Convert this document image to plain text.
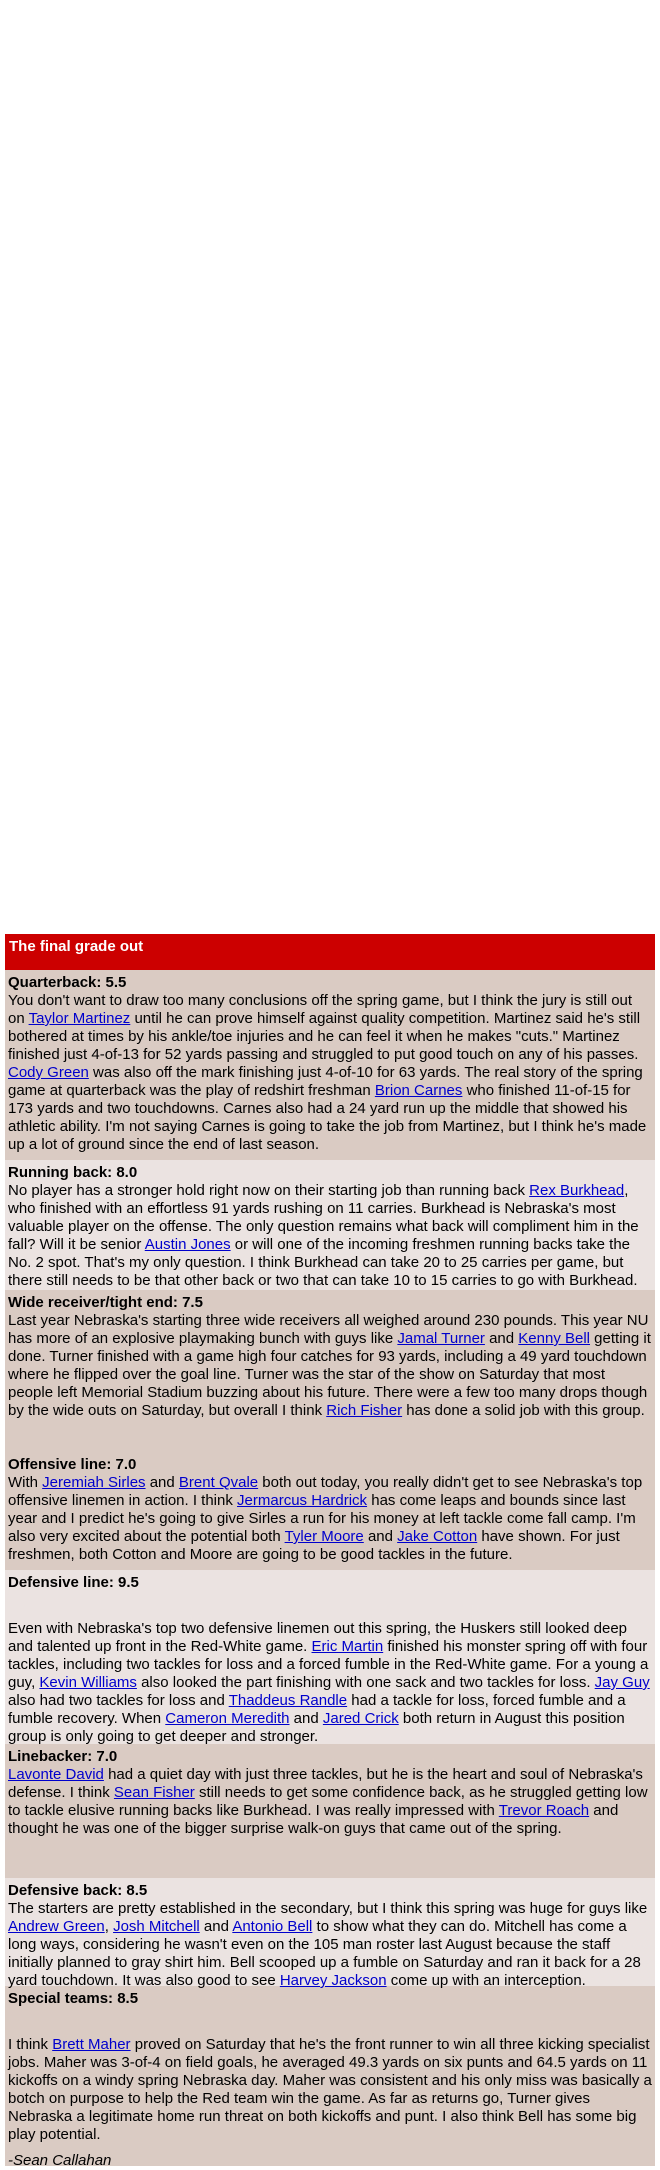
The final grade out
Quarterback: 5.5
You don't want to draw too many conclusions off the spring game, but I think the jury is still out on Taylor Martinez until he can prove himself against quality competition. Martinez said he's still bothered at times by his ankle/toe injuries and he can feel it when he makes "cuts." Martinez finished just 4-of-13 for 52 yards passing and struggled to put good touch on any of his passes. Cody Green was also off the mark finishing just 4-of-10 for 63 yards. The real story of the spring game at quarterback was the play of redshirt freshman Brion Carnes who finished 11-of-15 for 173 yards and two touchdowns. Carnes also had a 24 yard run up the middle that showed his athletic ability. I'm not saying Carnes is going to take the job from Martinez, but I think he's made up a lot of ground since the end of last season.
Running back: 8.0
No player has a stronger hold right now on their starting job than running back Rex Burkhead, who finished with an effortless 91 yards rushing on 11 carries. Burkhead is Nebraska's most valuable player on the offense. The only question remains what back will compliment him in the fall? Will it be senior Austin Jones or will one of the incoming freshmen running backs take the No. 2 spot. That's my only question. I think Burkhead can take 20 to 25 carries per game, but there still needs to be that other back or two that can take 10 to 15 carries to go with Burkhead.
Wide receiver/tight end: 7.5
Last year Nebraska's starting three wide receivers all weighed around 230 pounds. This year NU has more of an explosive playmaking bunch with guys like Jamal Turner and Kenny Bell getting it done. Turner finished with a game high four catches for 93 yards, including a 49 yard touchdown where he flipped over the goal line. Turner was the star of the show on Saturday that most people left Memorial Stadium buzzing about his future. There were a few too many drops though by the wide outs on Saturday, but overall I think Rich Fisher has done a solid job with this group.
Offensive line: 7.0
With Jeremiah Sirles and Brent Qvale both out today, you really didn't get to see Nebraska's top offensive linemen in action. I think Jermarcus Hardrick has come leaps and bounds since last year and I predict he's going to give Sirles a run for his money at left tackle come fall camp. I'm also very excited about the potential both Tyler Moore and Jake Cotton have shown. For just freshmen, both Cotton and Moore are going to be good tackles in the future.
Defensive line: 9.5
Even with Nebraska's top two defensive linemen out this spring, the Huskers still looked deep and talented up front in the Red-White game. Eric Martin finished his monster spring off with four tackles, including two tackles for loss and a forced fumble in the Red-White game. For a young a guy, Kevin Williams also looked the part finishing with one sack and two tackles for loss. Jay Guy also had two tackles for loss and Thaddeus Randle had a tackle for loss, forced fumble and a fumble recovery. When Cameron Meredith and Jared Crick both return in August this position group is only going to get deeper and stronger.
Linebacker: 7.0
Lavonte David had a quiet day with just three tackles, but he is the heart and soul of Nebraska's defense. I think Sean Fisher still needs to get some confidence back, as he struggled getting low to tackle elusive running backs like Burkhead. I was really impressed with Trevor Roach and thought he was one of the bigger surprise walk-on guys that came out of the spring.
Defensive back: 8.5
The starters are pretty established in the secondary, but I think this spring was huge for guys like Andrew Green, Josh Mitchell and Antonio Bell to show what they can do. Mitchell has come a long ways, considering he wasn't even on the 105 man roster last August because the staff initially planned to gray shirt him. Bell scooped up a fumble on Saturday and ran it back for a 28 yard touchdown. It was also good to see Harvey Jackson come up with an interception.
Special teams: 8.5
I think Brett Maher proved on Saturday that he's the front runner to win all three kicking specialist jobs. Maher was 3-of-4 on field goals, he averaged 49.3 yards on six punts and 64.5 yards on 11 kickoffs on a windy spring Nebraska day. Maher was consistent and his only miss was basically a botch on purpose to help the Red team win the game. As far as returns go, Turner gives Nebraska a legitimate home run threat on both kickoffs and punt. I also think Bell has some big play potential.
-Sean Callahan
